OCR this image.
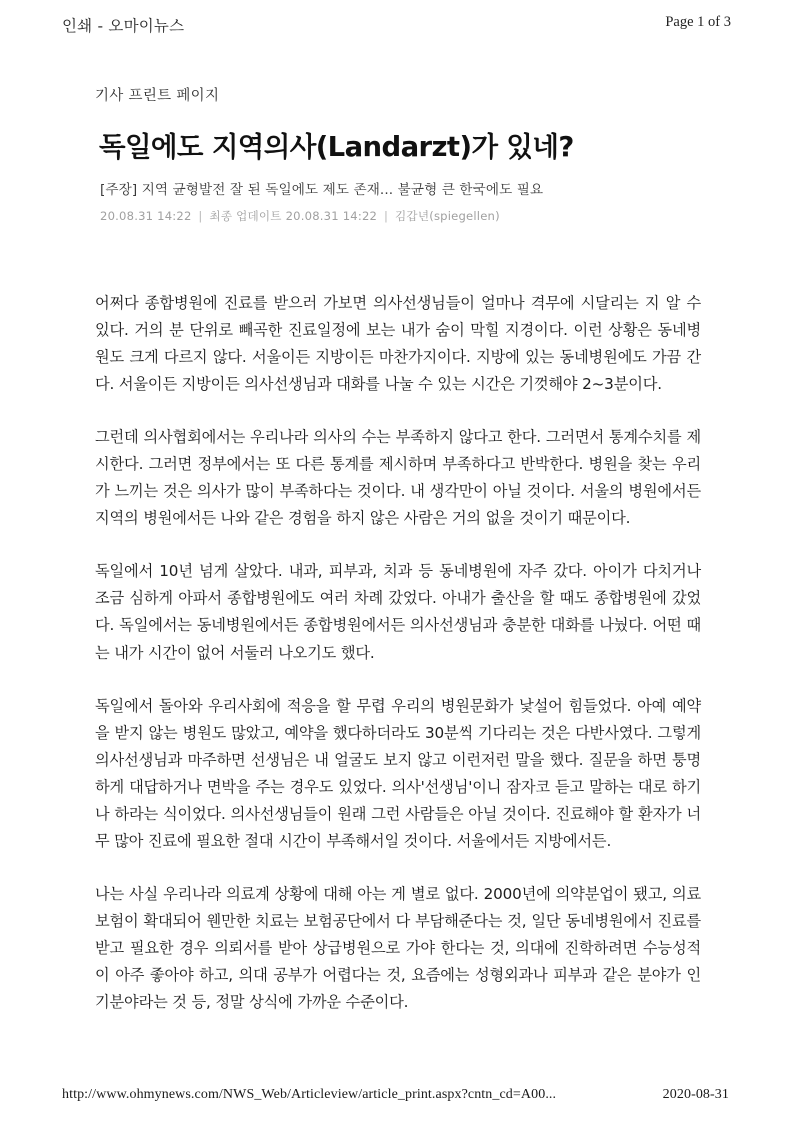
인쇄 - 오마이뉴스	Page 1 of 3
기사 프린트 페이지
독일에도 지역의사(Landarzt)가 있네?
[주장] 지역 균형발전 잘 된 독일에도 제도 존재... 불균형 큰 한국에도 필요
20.08.31 14:22 | 최종 업데이트 20.08.31 14:22 | 김갑년(spiegellen)

어쩌다 종합병원에 진료를 받으러 가보면 의사선생님들이 얼마나 격무에 시달리는 지 알 수 있다. 거의 분 단위로 빼곡한 진료일정에 보는 내가 숨이 막힐 지경이다. 이런 상황은 동네병원도 크게 다르지 않다. 서울이든 지방이든 마찬가지이다. 지방에 있는 동네병원에도 가끔 간다. 서울이든 지방이든 의사선생님과 대화를 나눌 수 있는 시간은 기껏해야 2~3분이다.

그런데 의사협회에서는 우리나라 의사의 수는 부족하지 않다고 한다. 그러면서 통계수치를 제시한다. 그러면 정부에서는 또 다른 통계를 제시하며 부족하다고 반박한다. 병원을 찾는 우리가 느끼는 것은 의사가 많이 부족하다는 것이다. 내 생각만이 아닐 것이다. 서울의 병원에서든 지역의 병원에서든 나와 같은 경험을 하지 않은 사람은 거의 없을 것이기 때문이다.

독일에서 10년 넘게 살았다. 내과, 피부과, 치과 등 동네병원에 자주 갔다. 아이가 다치거나 조금 심하게 아파서 종합병원에도 여러 차례 갔었다. 아내가 출산을 할 때도 종합병원에 갔었다. 독일에서는 동네병원에서든 종합병원에서든 의사선생님과 충분한 대화를 나눴다. 어떤 때는 내가 시간이 없어 서둘러 나오기도 했다.

독일에서 돌아와 우리사회에 적응을 할 무렵 우리의 병원문화가 낯설어 힘들었다. 아예 예약을 받지 않는 병원도 많았고, 예약을 했다하더라도 30분씩 기다리는 것은 다반사였다. 그렇게 의사선생님과 마주하면 선생님은 내 얼굴도 보지 않고 이런저런 말을 했다. 질문을 하면 퉁명하게 대답하거나 면박을 주는 경우도 있었다. 의사'선생님'이니 잠자코 듣고 말하는 대로 하기나 하라는 식이었다. 의사선생님들이 원래 그런 사람들은 아닐 것이다. 진료해야 할 환자가 너무 많아 진료에 필요한 절대 시간이 부족해서일 것이다. 서울에서든 지방에서든.

나는 사실 우리나라 의료계 상황에 대해 아는 게 별로 없다. 2000년에 의약분업이 됐고, 의료보험이 확대되어 웬만한 치료는 보험공단에서 다 부담해준다는 것, 일단 동네병원에서 진료를 받고 필요한 경우 의뢰서를 받아 상급병원으로 가야 한다는 것, 의대에 진학하려면 수능성적이 아주 좋아야 하고, 의대 공부가 어렵다는 것, 요즘에는 성형외과나 피부과 같은 분야가 인기분야라는 것 등, 정말 상식에 가까운 수준이다.

http://www.ohmynews.com/NWS_Web/Articleview/article_print.aspx?cntn_cd=A00...	2020-08-31
